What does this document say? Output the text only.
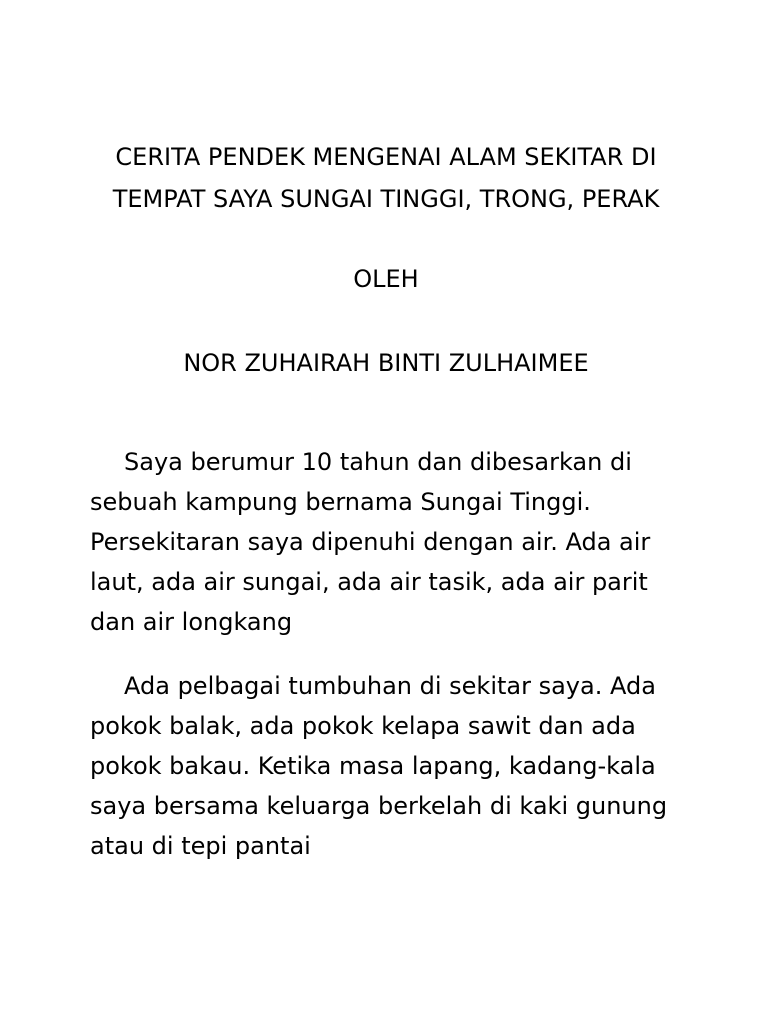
CERITA PENDEK MENGENAI ALAM SEKITAR DI
TEMPAT SAYA SUNGAI TINGGI, TRONG, PERAK
OLEH
NOR ZUHAIRAH BINTI ZULHAIMEE
Saya berumur 10 tahun dan dibesarkan di
sebuah kampung bernama Sungai Tinggi.
Persekitaran saya dipenuhi dengan air. Ada air
laut, ada air sungai, ada air tasik, ada air parit
dan air longkang
Ada pelbagai tumbuhan di sekitar saya. Ada
pokok balak, ada pokok kelapa sawit dan ada
pokok bakau. Ketika masa lapang, kadang-kala
saya bersama keluarga berkelah di kaki gunung
atau di tepi pantai
